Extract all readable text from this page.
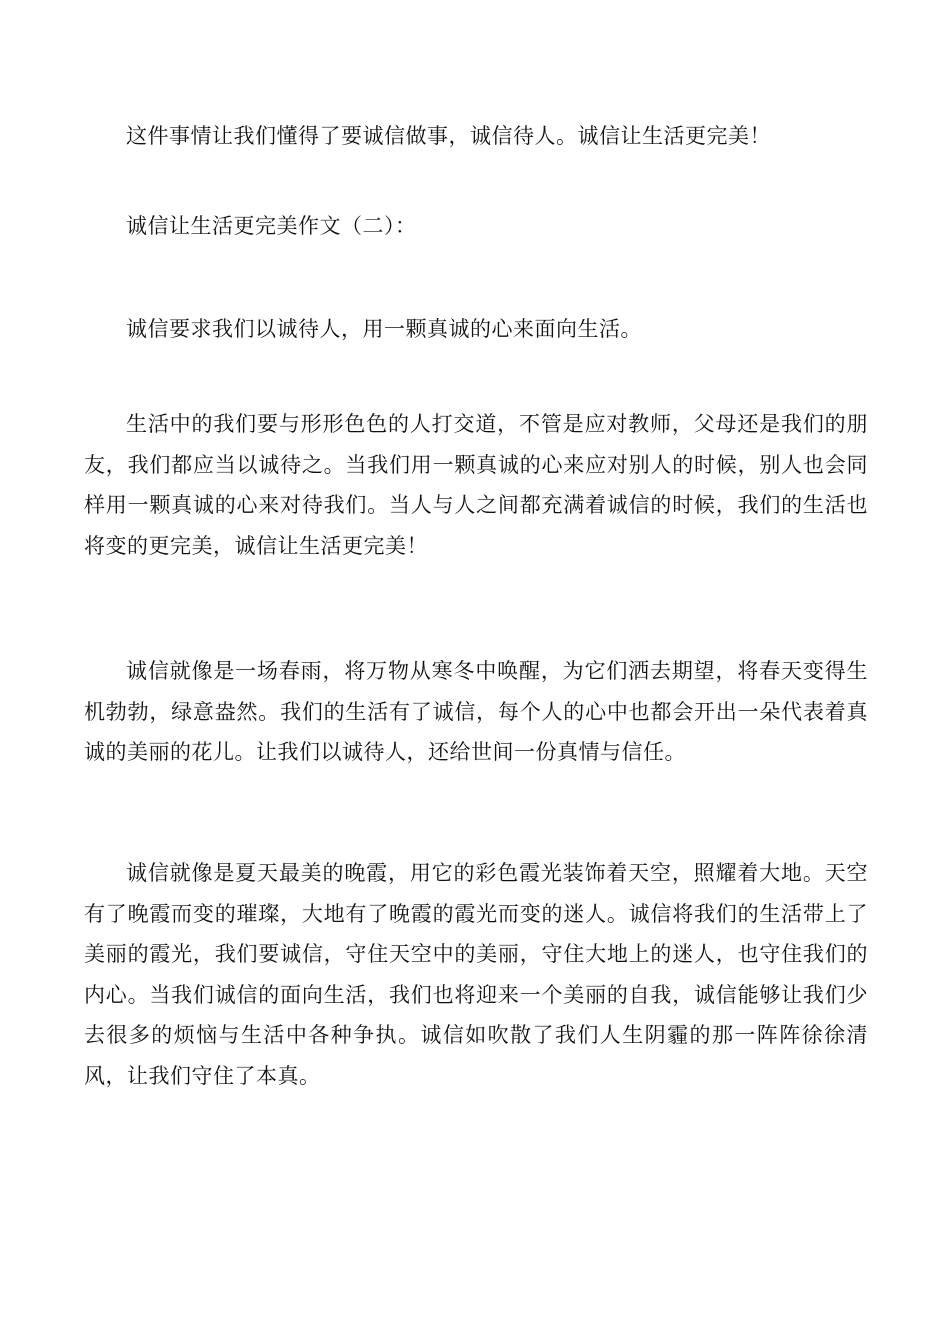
这件事情让我们懂得了要诚信做事，诚信待人。诚信让生活更完美！

诚信让生活更完美作文（二）：

诚信要求我们以诚待人，用一颗真诚的心来面向生活。

生活中的我们要与形形色色的人打交道，不管是应对教师，父母还是我们的朋友，我们都应当以诚待之。当我们用一颗真诚的心来应对别人的时候，别人也会同样用一颗真诚的心来对待我们。当人与人之间都充满着诚信的时候，我们的生活也将变的更完美，诚信让生活更完美！

诚信就像是一场春雨，将万物从寒冬中唤醒，为它们洒去期望，将春天变得生机勃勃，绿意盎然。我们的生活有了诚信，每个人的心中也都会开出一朵代表着真诚的美丽的花儿。让我们以诚待人，还给世间一份真情与信任。

诚信就像是夏天最美的晚霞，用它的彩色霞光装饰着天空，照耀着大地。天空有了晚霞而变的璀璨，大地有了晚霞的霞光而变的迷人。诚信将我们的生活带上了美丽的霞光，我们要诚信，守住天空中的美丽，守住大地上的迷人，也守住我们的内心。当我们诚信的面向生活，我们也将迎来一个美丽的自我，诚信能够让我们少去很多的烦恼与生活中各种争执。诚信如吹散了我们人生阴霾的那一阵阵徐徐清风，让我们守住了本真。
